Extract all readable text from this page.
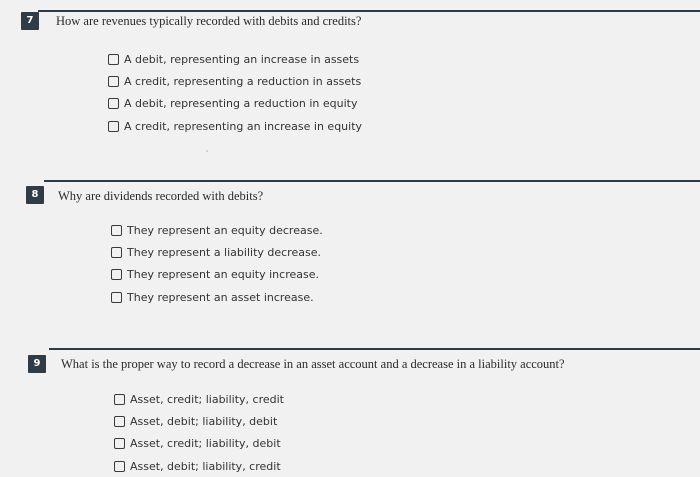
7	How are revenues typically recorded with debits and credits?
A debit, representing an increase in assets
A credit, representing a reduction in assets
A debit, representing a reduction in equity
A credit, representing an increase in equity
8	Why are dividends recorded with debits?
They represent an equity decrease.
They represent a liability decrease.
They represent an equity increase.
They represent an asset increase.
9	What is the proper way to record a decrease in an asset account and a decrease in a liability account?
Asset, credit; liability, credit
Asset, debit; liability, debit
Asset, credit; liability, debit
Asset, debit; liability, credit
